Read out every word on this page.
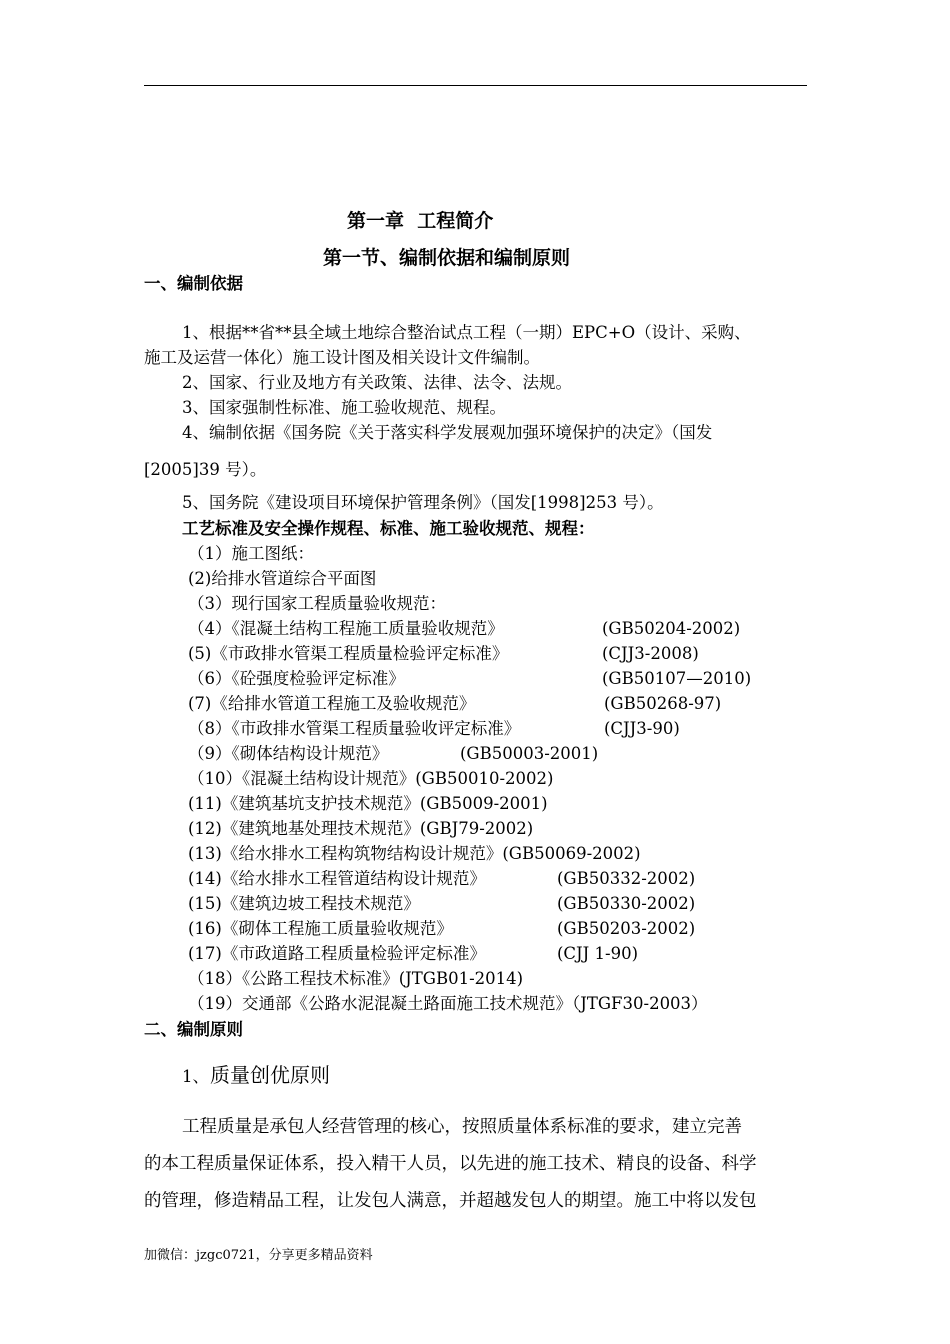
第一章  工程简介
第一节、编制依据和编制原则
一、编制依据
1、根据**省**县全域土地综合整治试点工程（一期）EPC+O（设计、采购、
施工及运营一体化）施工设计图及相关设计文件编制。
2、国家、行业及地方有关政策、法律、法令、法规。
3、国家强制性标准、施工验收规范、规程。
4、编制依据《国务院《关于落实科学发展观加强环境保护的决定》（国发
[2005]39 号）。
5、国务院《建设项目环境保护管理条例》（国发[1998]253 号）。
工艺标准及安全操作规程、标准、施工验收规范、规程：
（1）施工图纸：
(2)给排水管道综合平面图
（3）现行国家工程质量验收规范：
（4）《混凝土结构工程施工质量验收规范》	(GB50204-2002)
(5)《市政排水管渠工程质量检验评定标准》	(CJJ3-2008)
（6）《砼强度检验评定标准》	(GB50107—2010)
(7)《给排水管道工程施工及验收规范》	(GB50268-97)
（8）《市政排水管渠工程质量验收评定标准》	(CJJ3-90)
（9）《砌体结构设计规范》	(GB50003-2001)
（10）《混凝土结构设计规范》(GB50010-2002)
(11)《建筑基坑支护技术规范》(GB5009-2001)
(12)《建筑地基处理技术规范》(GBJ79-2002)
(13)《给水排水工程构筑物结构设计规范》(GB50069-2002)
(14)《给水排水工程管道结构设计规范》	(GB50332-2002)
(15)《建筑边坡工程技术规范》	(GB50330-2002)
(16)《砌体工程施工质量验收规范》	(GB50203-2002)
(17)《市政道路工程质量检验评定标准》	(CJJ 1-90)
（18）《公路工程技术标准》(JTGB01-2014)
（19）交通部《公路水泥混凝土路面施工技术规范》（JTGF30-2003）
二、编制原则
1、 质量创优原则
工程质量是承包人经营管理的核心，按照质量体系标准的要求，建立完善
的本工程质量保证体系，投入精干人员，以先进的施工技术、精良的设备、科学
的管理，修造精品工程，让发包人满意，并超越发包人的期望。施工中将以发包
加微信：jzgc0721，分享更多精品资料
